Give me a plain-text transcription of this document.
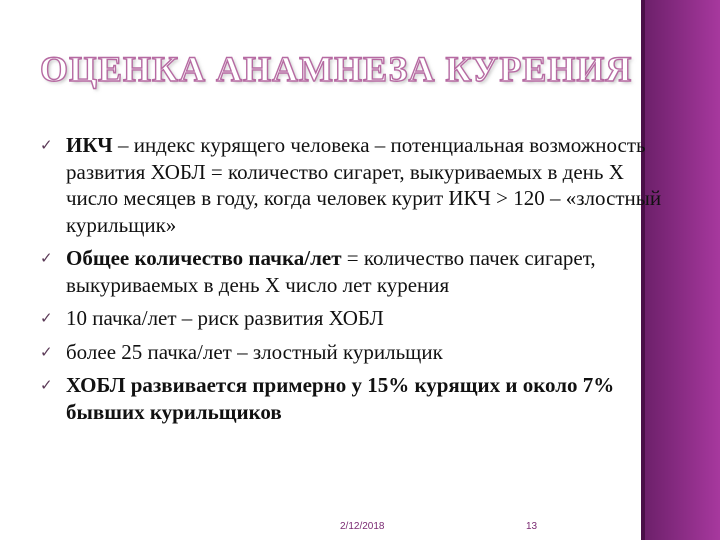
ОЦЕНКА АНАМНЕЗА КУРЕНИЯ
✓ ИКЧ – индекс курящего человека – потенциальная возможность развития ХОБЛ = количество сигарет, выкуриваемых в день Х число месяцев в году, когда человек курит ИКЧ > 120 – «злостный курильщик»
✓ Общее количество пачка/лет = количество пачек сигарет, выкуриваемых в день Х число лет курения
✓ 10 пачка/лет – риск развития ХОБЛ
✓ более 25 пачка/лет – злостный курильщик
✓ ХОБЛ развивается примерно у 15% курящих и около 7% бывших курильщиков
2/12/2018	13
